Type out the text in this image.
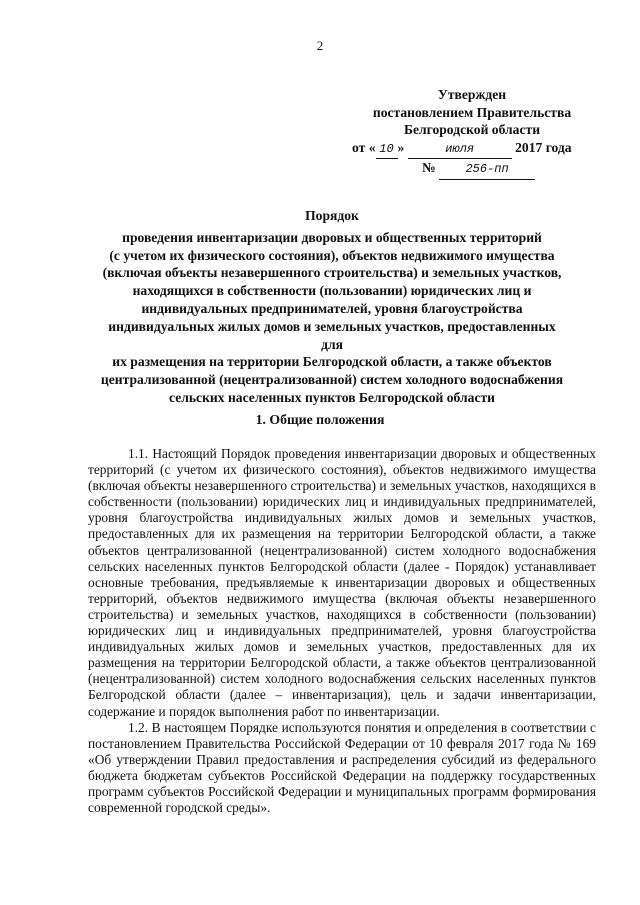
2
Утвержден
постановлением Правительства
Белгородской области
от « 10 »	июля	2017 года
№ 256-пп
Порядок
проведения инвентаризации дворовых и общественных территорий
(с учетом их физического состояния), объектов недвижимого имущества
(включая объекты незавершенного строительства) и земельных участков,
находящихся в собственности (пользовании) юридических лиц и
индивидуальных предпринимателей, уровня благоустройства
индивидуальных жилых домов и земельных участков, предоставленных для
их размещения на территории Белгородской области, а также объектов
централизованной (нецентрализованной) систем холодного водоснабжения
сельских населенных пунктов Белгородской области
1. Общие положения

1.1. Настоящий Порядок проведения инвентаризации дворовых и общественных территорий (с учетом их физического состояния), объектов недвижимого имущества (включая объекты незавершенного строительства) и земельных участков, находящихся в собственности (пользовании) юридических лиц и индивидуальных предпринимателей, уровня благоустройства индивидуальных жилых домов и земельных участков, предоставленных для их размещения на территории Белгородской области, а также объектов централизованной (нецентрализованной) систем холодного водоснабжения сельских населенных пунктов Белгородской области (далее - Порядок) устанавливает основные требования, предъявляемые к инвентаризации дворовых и общественных территорий, объектов недвижимого имущества (включая объекты незавершенного строительства) и земельных участков, находящихся в собственности (пользовании) юридических лиц и индивидуальных предпринимателей, уровня благоустройства индивидуальных жилых домов и земельных участков, предоставленных для их размещения на территории Белгородской области, а также объектов централизованной (нецентрализованной) систем холодного водоснабжения сельских населенных пунктов Белгородской области (далее – инвентаризация), цель и задачи инвентаризации, содержание и порядок выполнения работ по инвентаризации.

1.2. В настоящем Порядке используются понятия и определения в соответствии с постановлением Правительства Российской Федерации от 10 февраля 2017 года № 169 «Об утверждении Правил предоставления и распределения субсидий из федерального бюджета бюджетам субъектов Российской Федерации на поддержку государственных программ субъектов Российской Федерации и муниципальных программ формирования современной городской среды».
